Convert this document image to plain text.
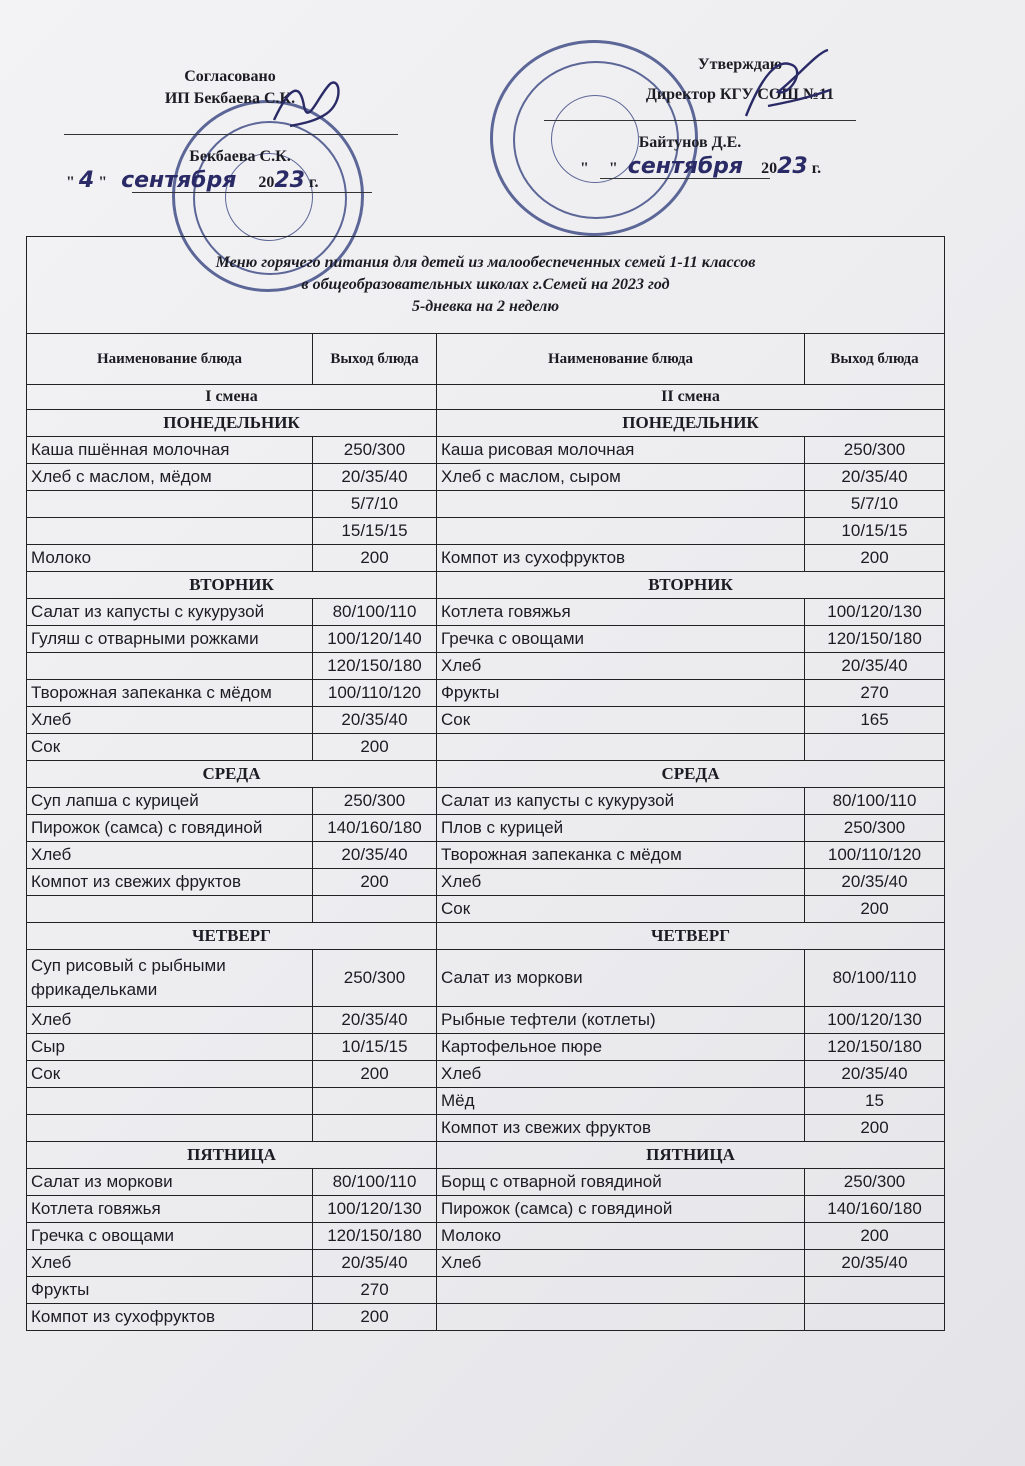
Согласовано
ИП Бекбаева С.К.
Бекбаева С.К.
" 4 " сентября 2023 г.
Утверждаю
Директор КГУ СОШ №11
Байтунов Д.Е.
" " сентября 2023 г.
Меню горячего питания для детей из малообеспеченных семей 1-11 классов
в общеобразовательных школах г.Семей на 2023 год
5-дневка на 2 неделю			

Наименование блюда	Выход блюда	Наименование блюда	Выход блюда
I смена		II смена	
ПОНЕДЕЛЬНИК		ПОНЕДЕЛЬНИК	
Каша пшённая молочная	250/300	Каша рисовая молочная	250/300
Хлеб с маслом, мёдом	20/35/40	Хлеб с маслом, сыром	20/35/40
	5/7/10		5/7/10
	15/15/15		10/15/15
Молоко	200	Компот из сухофруктов	200
ВТОРНИК		ВТОРНИК	
Салат из капусты с кукурузой	80/100/110	Котлета говяжья	100/120/130
Гуляш с отварными рожками	100/120/140	Гречка с овощами	120/150/180
	120/150/180	Хлеб	20/35/40
Творожная запеканка с мёдом	100/110/120	Фрукты	270
Хлеб	20/35/40	Сок	165
Сок	200		
СРЕДА		СРЕДА	
Суп лапша с курицей	250/300	Салат из капусты с кукурузой	80/100/110
Пирожок (самса) с говядиной	140/160/180	Плов с курицей	250/300
Хлеб	20/35/40	Творожная запеканка с мёдом	100/110/120
Компот из свежих фруктов	200	Хлеб	20/35/40
		Сок	200
ЧЕТВЕРГ		ЧЕТВЕРГ	
Суп рисовый с рыбными фрикадельками	250/300	Салат из моркови	80/100/110
Хлеб	20/35/40	Рыбные тефтели (котлеты)	100/120/130
Сыр	10/15/15	Картофельное пюре	120/150/180
Сок	200	Хлеб	20/35/40
		Мёд	15
		Компот из свежих фруктов	200
ПЯТНИЦА		ПЯТНИЦА	
Салат из моркови	80/100/110	Борщ с отварной говядиной	250/300
Котлета говяжья	100/120/130	Пирожок (самса) с говядиной	140/160/180
Гречка с овощами	120/150/180	Молоко	200
Хлеб	20/35/40	Хлеб	20/35/40
Фрукты	270		
Компот из сухофруктов	200		
